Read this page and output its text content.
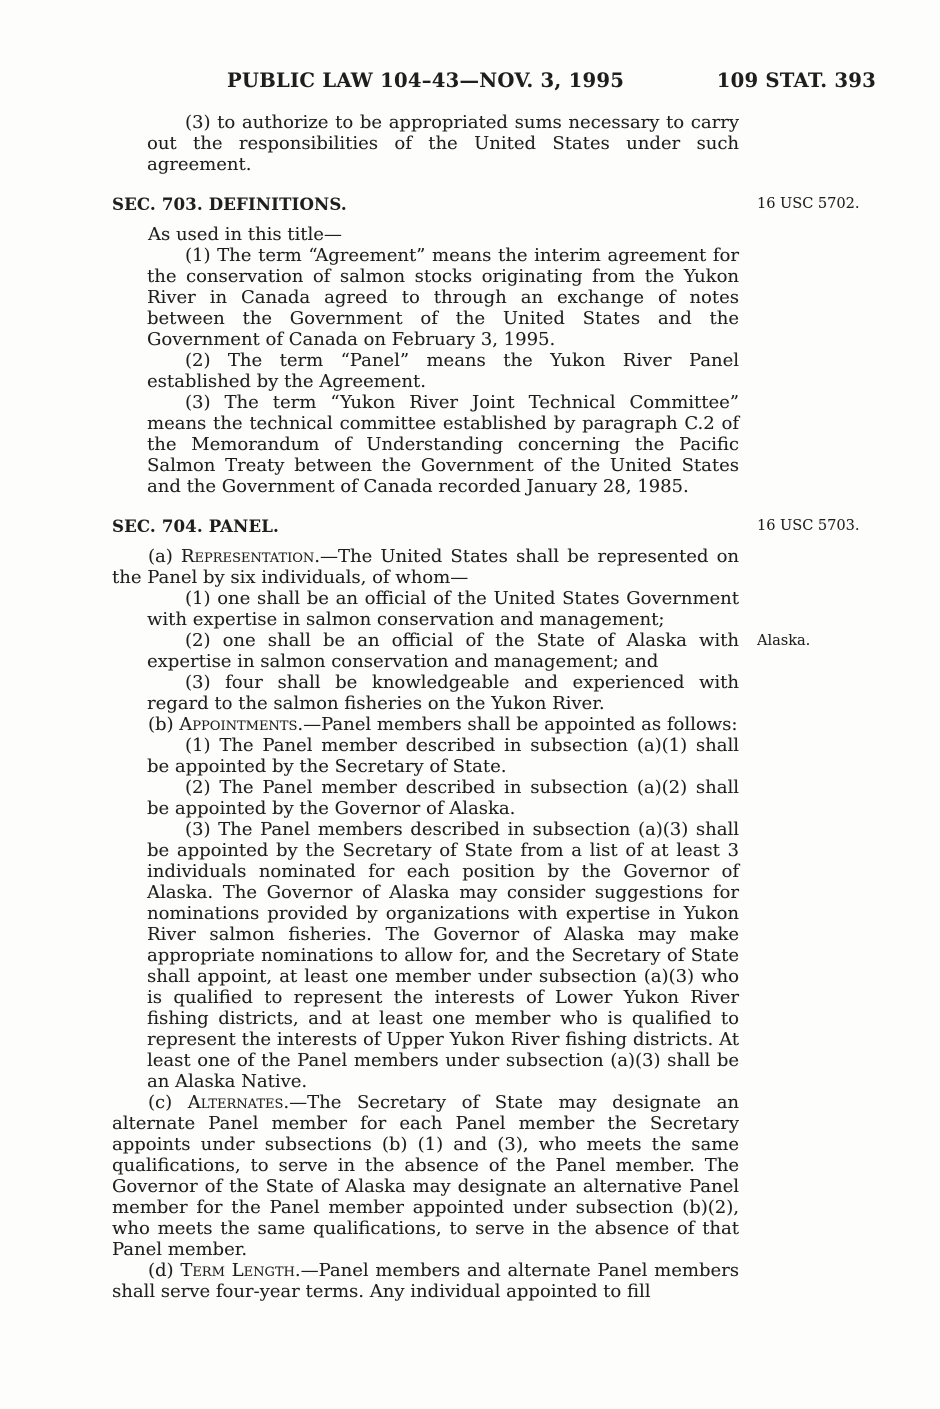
PUBLIC LAW 104–43—NOV. 3, 1995	109 STAT. 393

(3) to authorize to be appropriated sums necessary to carry out the responsibilities of the United States under such agreement.

SEC. 703. DEFINITIONS.	16 USC 5702.

As used in this title—

(1) The term “Agreement” means the interim agreement for the conservation of salmon stocks originating from the Yukon River in Canada agreed to through an exchange of notes between the Government of the United States and the Government of Canada on February 3, 1995.

(2) The term “Panel” means the Yukon River Panel established by the Agreement.

(3) The term “Yukon River Joint Technical Committee” means the technical committee established by paragraph C.2 of the Memorandum of Understanding concerning the Pacific Salmon Treaty between the Government of the United States and the Government of Canada recorded January 28, 1985.

SEC. 704. PANEL.	16 USC 5703.

(a) Representation.—The United States shall be represented on the Panel by six individuals, of whom—

(1) one shall be an official of the United States Government with expertise in salmon conservation and management;

(2) one shall be an official of the State of Alaska with expertise in salmon conservation and management; and
Alaska.

(3) four shall be knowledgeable and experienced with regard to the salmon fisheries on the Yukon River.

(b) Appointments.—Panel members shall be appointed as follows:

(1) The Panel member described in subsection (a)(1) shall be appointed by the Secretary of State.

(2) The Panel member described in subsection (a)(2) shall be appointed by the Governor of Alaska.

(3) The Panel members described in subsection (a)(3) shall be appointed by the Secretary of State from a list of at least 3 individuals nominated for each position by the Governor of Alaska. The Governor of Alaska may consider suggestions for nominations provided by organizations with expertise in Yukon River salmon fisheries. The Governor of Alaska may make appropriate nominations to allow for, and the Secretary of State shall appoint, at least one member under subsection (a)(3) who is qualified to represent the interests of Lower Yukon River fishing districts, and at least one member who is qualified to represent the interests of Upper Yukon River fishing districts. At least one of the Panel members under subsection (a)(3) shall be an Alaska Native.

(c) Alternates.—The Secretary of State may designate an alternate Panel member for each Panel member the Secretary appoints under subsections (b) (1) and (3), who meets the same qualifications, to serve in the absence of the Panel member. The Governor of the State of Alaska may designate an alternative Panel member for the Panel member appointed under subsection (b)(2), who meets the same qualifications, to serve in the absence of that Panel member.

(d) Term Length.—Panel members and alternate Panel members shall serve four-year terms. Any individual appointed to fill
